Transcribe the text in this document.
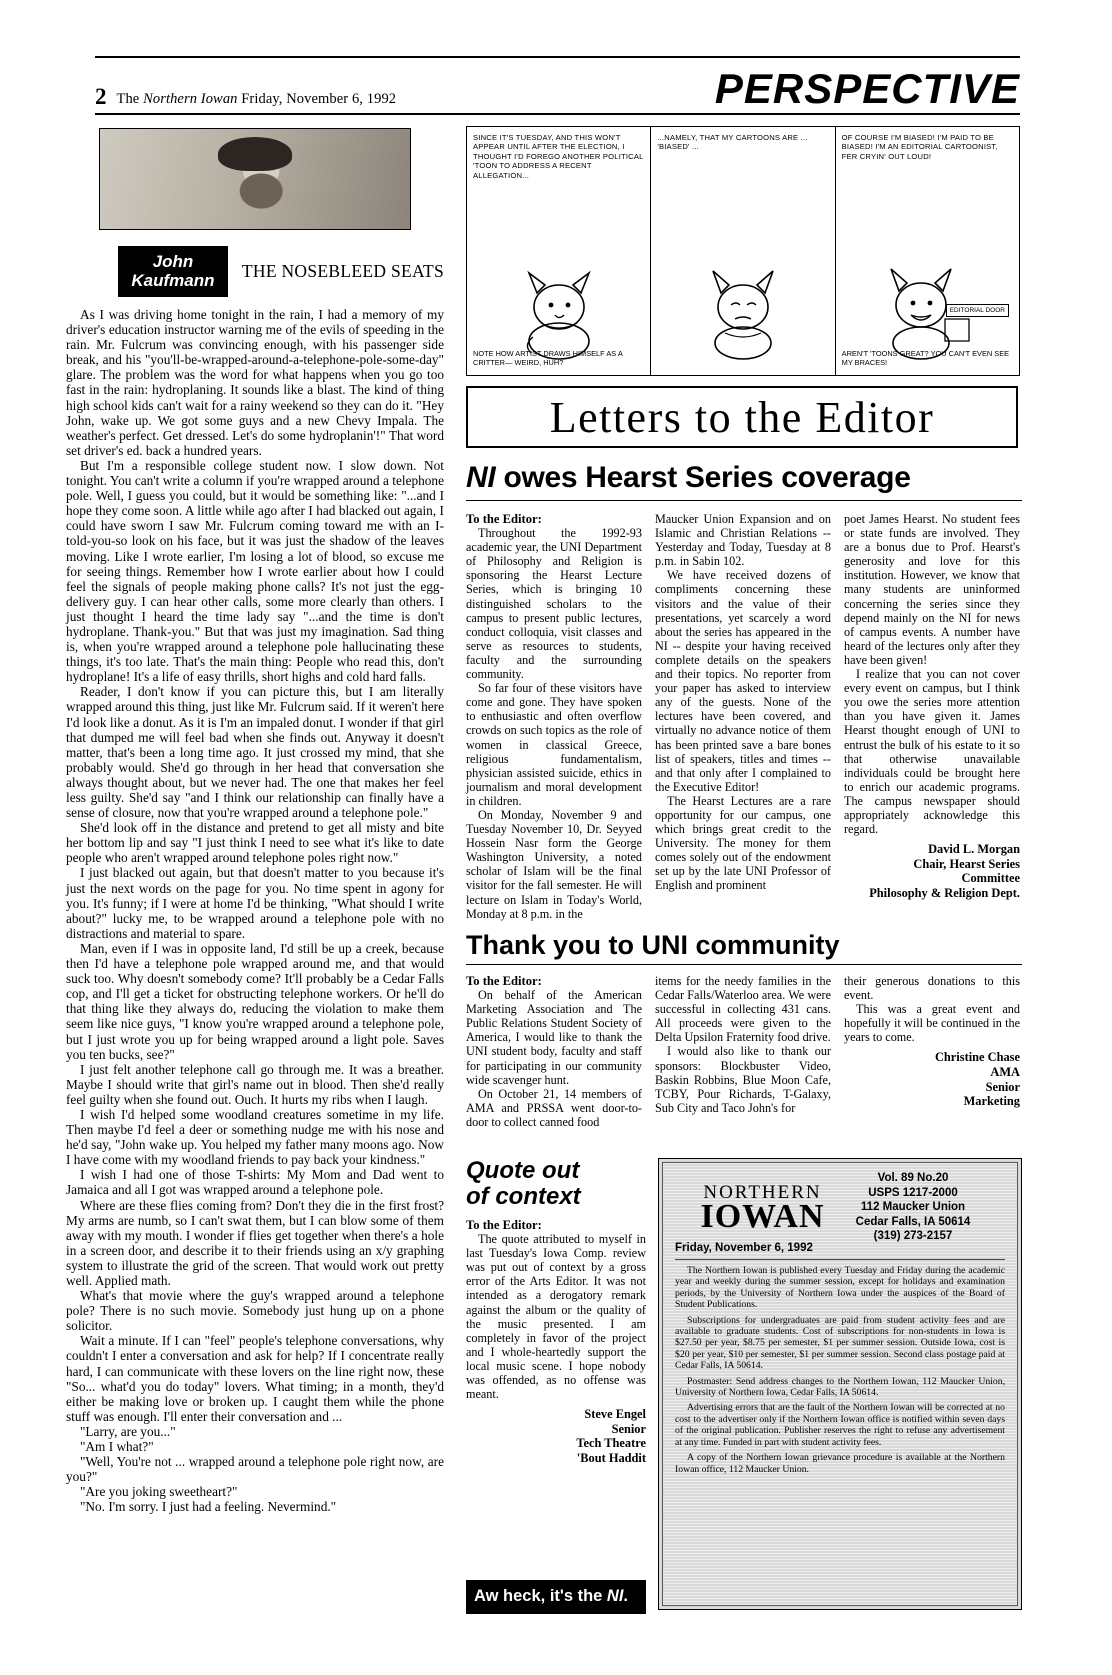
2 The Northern Iowan Friday, November 6, 1992	PERSPECTIVE
John
Kaufmann THE NOSEBLEED SEATS

As I was driving home tonight in the rain, I had a memory of my driver's education instructor warning me of the evils of speeding in the rain. Mr. Fulcrum was convincing enough, with his passenger side break, and his "you'll-be-wrapped-around-a-telephone-pole-some-day" glare. The problem was the word for what happens when you go too fast in the rain: hydroplaning. It sounds like a blast. The kind of thing high school kids can't wait for a rainy weekend so they can do it. "Hey John, wake up. We got some guys and a new Chevy Impala. The weather's perfect. Get dressed. Let's do some hydroplanin'!" That word set driver's ed. back a hundred years.

But I'm a responsible college student now. I slow down. Not tonight. You can't write a column if you're wrapped around a telephone pole. Well, I guess you could, but it would be something like: "...and I hope they come soon. A little while ago after I had blacked out again, I could have sworn I saw Mr. Fulcrum coming toward me with an I-told-you-so look on his face, but it was just the shadow of the leaves moving. Like I wrote earlier, I'm losing a lot of blood, so excuse me for seeing things. Remember how I wrote earlier about how I could feel the signals of people making phone calls? It's not just the egg-delivery guy. I can hear other calls, some more clearly than others. I just thought I heard the time lady say "...and the time is don't hydroplane. Thank-you." But that was just my imagination. Sad thing is, when you're wrapped around a telephone pole hallucinating these things, it's too late. That's the main thing: People who read this, don't hydroplane! It's a life of easy thrills, short highs and cold hard falls.

Reader, I don't know if you can picture this, but I am literally wrapped around this thing, just like Mr. Fulcrum said. If it weren't here I'd look like a donut. As it is I'm an impaled donut. I wonder if that girl that dumped me will feel bad when she finds out. Anyway it doesn't matter, that's been a long time ago. It just crossed my mind, that she probably would. She'd go through in her head that conversation she always thought about, but we never had. The one that makes her feel less guilty. She'd say "and I think our relationship can finally have a sense of closure, now that you're wrapped around a telephone pole."

She'd look off in the distance and pretend to get all misty and bite her bottom lip and say "I just think I need to see what it's like to date people who aren't wrapped around telephone poles right now."

I just blacked out again, but that doesn't matter to you because it's just the next words on the page for you. No time spent in agony for you. It's funny; if I were at home I'd be thinking, "What should I write about?" lucky me, to be wrapped around a telephone pole with no distractions and material to spare.

Man, even if I was in opposite land, I'd still be up a creek, because then I'd have a telephone pole wrapped around me, and that would suck too. Why doesn't somebody come? It'll probably be a Cedar Falls cop, and I'll get a ticket for obstructing telephone workers. Or he'll do that thing like they always do, reducing the violation to make them seem like nice guys, "I know you're wrapped around a telephone pole, but I just wrote you up for being wrapped around a light pole. Saves you ten bucks, see?"

I just felt another telephone call go through me. It was a breather. Maybe I should write that girl's name out in blood. Then she'd really feel guilty when she found out. Ouch. It hurts my ribs when I laugh.

I wish I'd helped some woodland creatures sometime in my life. Then maybe I'd feel a deer or something nudge me with his nose and he'd say, "John wake up. You helped my father many moons ago. Now I have come with my woodland friends to pay back your kindness."

I wish I had one of those T-shirts: My Mom and Dad went to Jamaica and all I got was wrapped around a telephone pole.

Where are these flies coming from? Don't they die in the first frost? My arms are numb, so I can't swat them, but I can blow some of them away with my mouth. I wonder if flies get together when there's a hole in a screen door, and describe it to their friends using an x/y graphing system to illustrate the grid of the screen. That would work out pretty well. Applied math.

What's that movie where the guy's wrapped around a telephone pole? There is no such movie. Somebody just hung up on a phone solicitor.

Wait a minute. If I can "feel" people's telephone conversations, why couldn't I enter a conversation and ask for help? If I concentrate really hard, I can communicate with these lovers on the line right now, these "So... what'd you do today" lovers. What timing; in a month, they'd either be making love or broken up. I caught them while the phone stuff was enough. I'll enter their conversation and ...

"Larry, are you..."

"Am I what?"

"Well, You're not ... wrapped around a telephone pole right now, are you?"

"Are you joking sweetheart?"

"No. I'm sorry. I just had a feeling. Nevermind."

SINCE IT'S TUESDAY, AND THIS WON'T APPEAR UNTIL AFTER THE ELECTION, I THOUGHT I'D FOREGO ANOTHER POLITICAL 'TOON TO ADDRESS A RECENT ALLEGATION...
NOTE HOW ARTIST DRAWS HIMSELF AS A CRITTER— WEIRD, HUH?
...NAMELY, THAT MY CARTOONS ARE ... 'BIASED' ...
OF COURSE I'M BIASED! I'M PAID TO BE BIASED! I'M AN EDITORIAL CARTOONIST, FER CRYIN' OUT LOUD!
EDITORIAL DOOR
AREN'T 'TOONS GREAT? YOU CAN'T EVEN SEE MY BRACES!
Letters to the Editor
NI owes Hearst Series coverage

To the Editor:

Throughout the 1992-93 academic year, the UNI Department of Philosophy and Religion is sponsoring the Hearst Lecture Series, which is bringing 10 distinguished scholars to the campus to present public lectures, conduct colloquia, visit classes and serve as resources to students, faculty and the surrounding community.

So far four of these visitors have come and gone. They have spoken to enthusiastic and often overflow crowds on such topics as the role of women in classical Greece, religious fundamentalism, physician assisted suicide, ethics in journalism and moral development in children.

On Monday, November 9 and Tuesday November 10, Dr. Seyyed Hossein Nasr form the George Washington University, a noted scholar of Islam will be the final visitor for the fall semester. He will lecture on Islam in Today's World, Monday at 8 p.m. in the

Maucker Union Expansion and on Islamic and Christian Relations -- Yesterday and Today, Tuesday at 8 p.m. in Sabin 102.

We have received dozens of compliments concerning these visitors and the value of their presentations, yet scarcely a word about the series has appeared in the NI -- despite your having received complete details on the speakers and their topics. No reporter from your paper has asked to interview any of the guests. None of the lectures have been covered, and virtually no advance notice of them has been printed save a bare bones list of speakers, titles and times -- and that only after I complained to the Executive Editor!

The Hearst Lectures are a rare opportunity for our campus, one which brings great credit to the University. The money for them comes solely out of the endowment set up by the late UNI Professor of English and prominent

poet James Hearst. No student fees or state funds are involved. They are a bonus due to Prof. Hearst's generosity and love for this institution. However, we know that many students are uninformed concerning the series since they depend mainly on the NI for news of campus events. A number have heard of the lectures only after they have been given!

I realize that you can not cover every event on campus, but I think you owe the series more attention than you have given it. James Hearst thought enough of UNI to entrust the bulk of his estate to it so that otherwise unavailable individuals could be brought here to enrich our academic programs. The campus newspaper should appropriately acknowledge this regard.

David L. Morgan
Chair, Hearst Series
Committee
Philosophy & Religion Dept.
Thank you to UNI community

To the Editor:

On behalf of the American Marketing Association and The Public Relations Student Society of America, I would like to thank the UNI student body, faculty and staff for participating in our community wide scavenger hunt.

On October 21, 14 members of AMA and PRSSA went door-to-door to collect canned food

items for the needy families in the Cedar Falls/Waterloo area. We were successful in collecting 431 cans. All proceeds were given to the Delta Upsilon Fraternity food drive.

I would also like to thank our sponsors: Blockbuster Video, Baskin Robbins, Blue Moon Cafe, TCBY, Pour Richards, T-Galaxy, Sub City and Taco John's for

their generous donations to this event.

This was a great event and hopefully it will be continued in the years to come.

Christine Chase
AMA
Senior
Marketing
Quote out
of context

To the Editor:

The quote attributed to myself in last Tuesday's Iowa Comp. review was put out of context by a gross error of the Arts Editor. It was not intended as a derogatory remark against the album or the quality of the music presented. I am completely in favor of the project and I whole-heartedly support the local music scene. I hope nobody was offended, as no offense was meant.

Steve Engel
Senior
Tech Theatre
'Bout Haddit
Aw heck, it's the NI.
Vol. 89 No.20
USPS 1217-2000
112 Maucker Union
Cedar Falls, IA 50614
(319) 273-2157
NORTHERN
IOWAN
Friday, November 6, 1992

The Northern Iowan is published every Tuesday and Friday during the academic year and weekly during the summer session, except for holidays and examination periods, by the University of Northern Iowa under the auspices of the Board of Student Publications.

Subscriptions for undergraduates are paid from student activity fees and are available to graduate students. Cost of subscriptions for non-students in Iowa is $27.50 per year, $8.75 per semester, $1 per summer session. Outside Iowa, cost is $20 per year, $10 per semester, $1 per summer session. Second class postage paid at Cedar Falls, IA 50614.

Postmaster: Send address changes to the Northern Iowan, 112 Maucker Union, University of Northern Iowa, Cedar Falls, IA 50614.

Advertising errors that are the fault of the Northern Iowan will be corrected at no cost to the advertiser only if the Northern Iowan office is notified within seven days of the original publication. Publisher reserves the right to refuse any advertisement at any time. Funded in part with student activity fees.

A copy of the Northern Iowan grievance procedure is available at the Northern Iowan office, 112 Maucker Union.
